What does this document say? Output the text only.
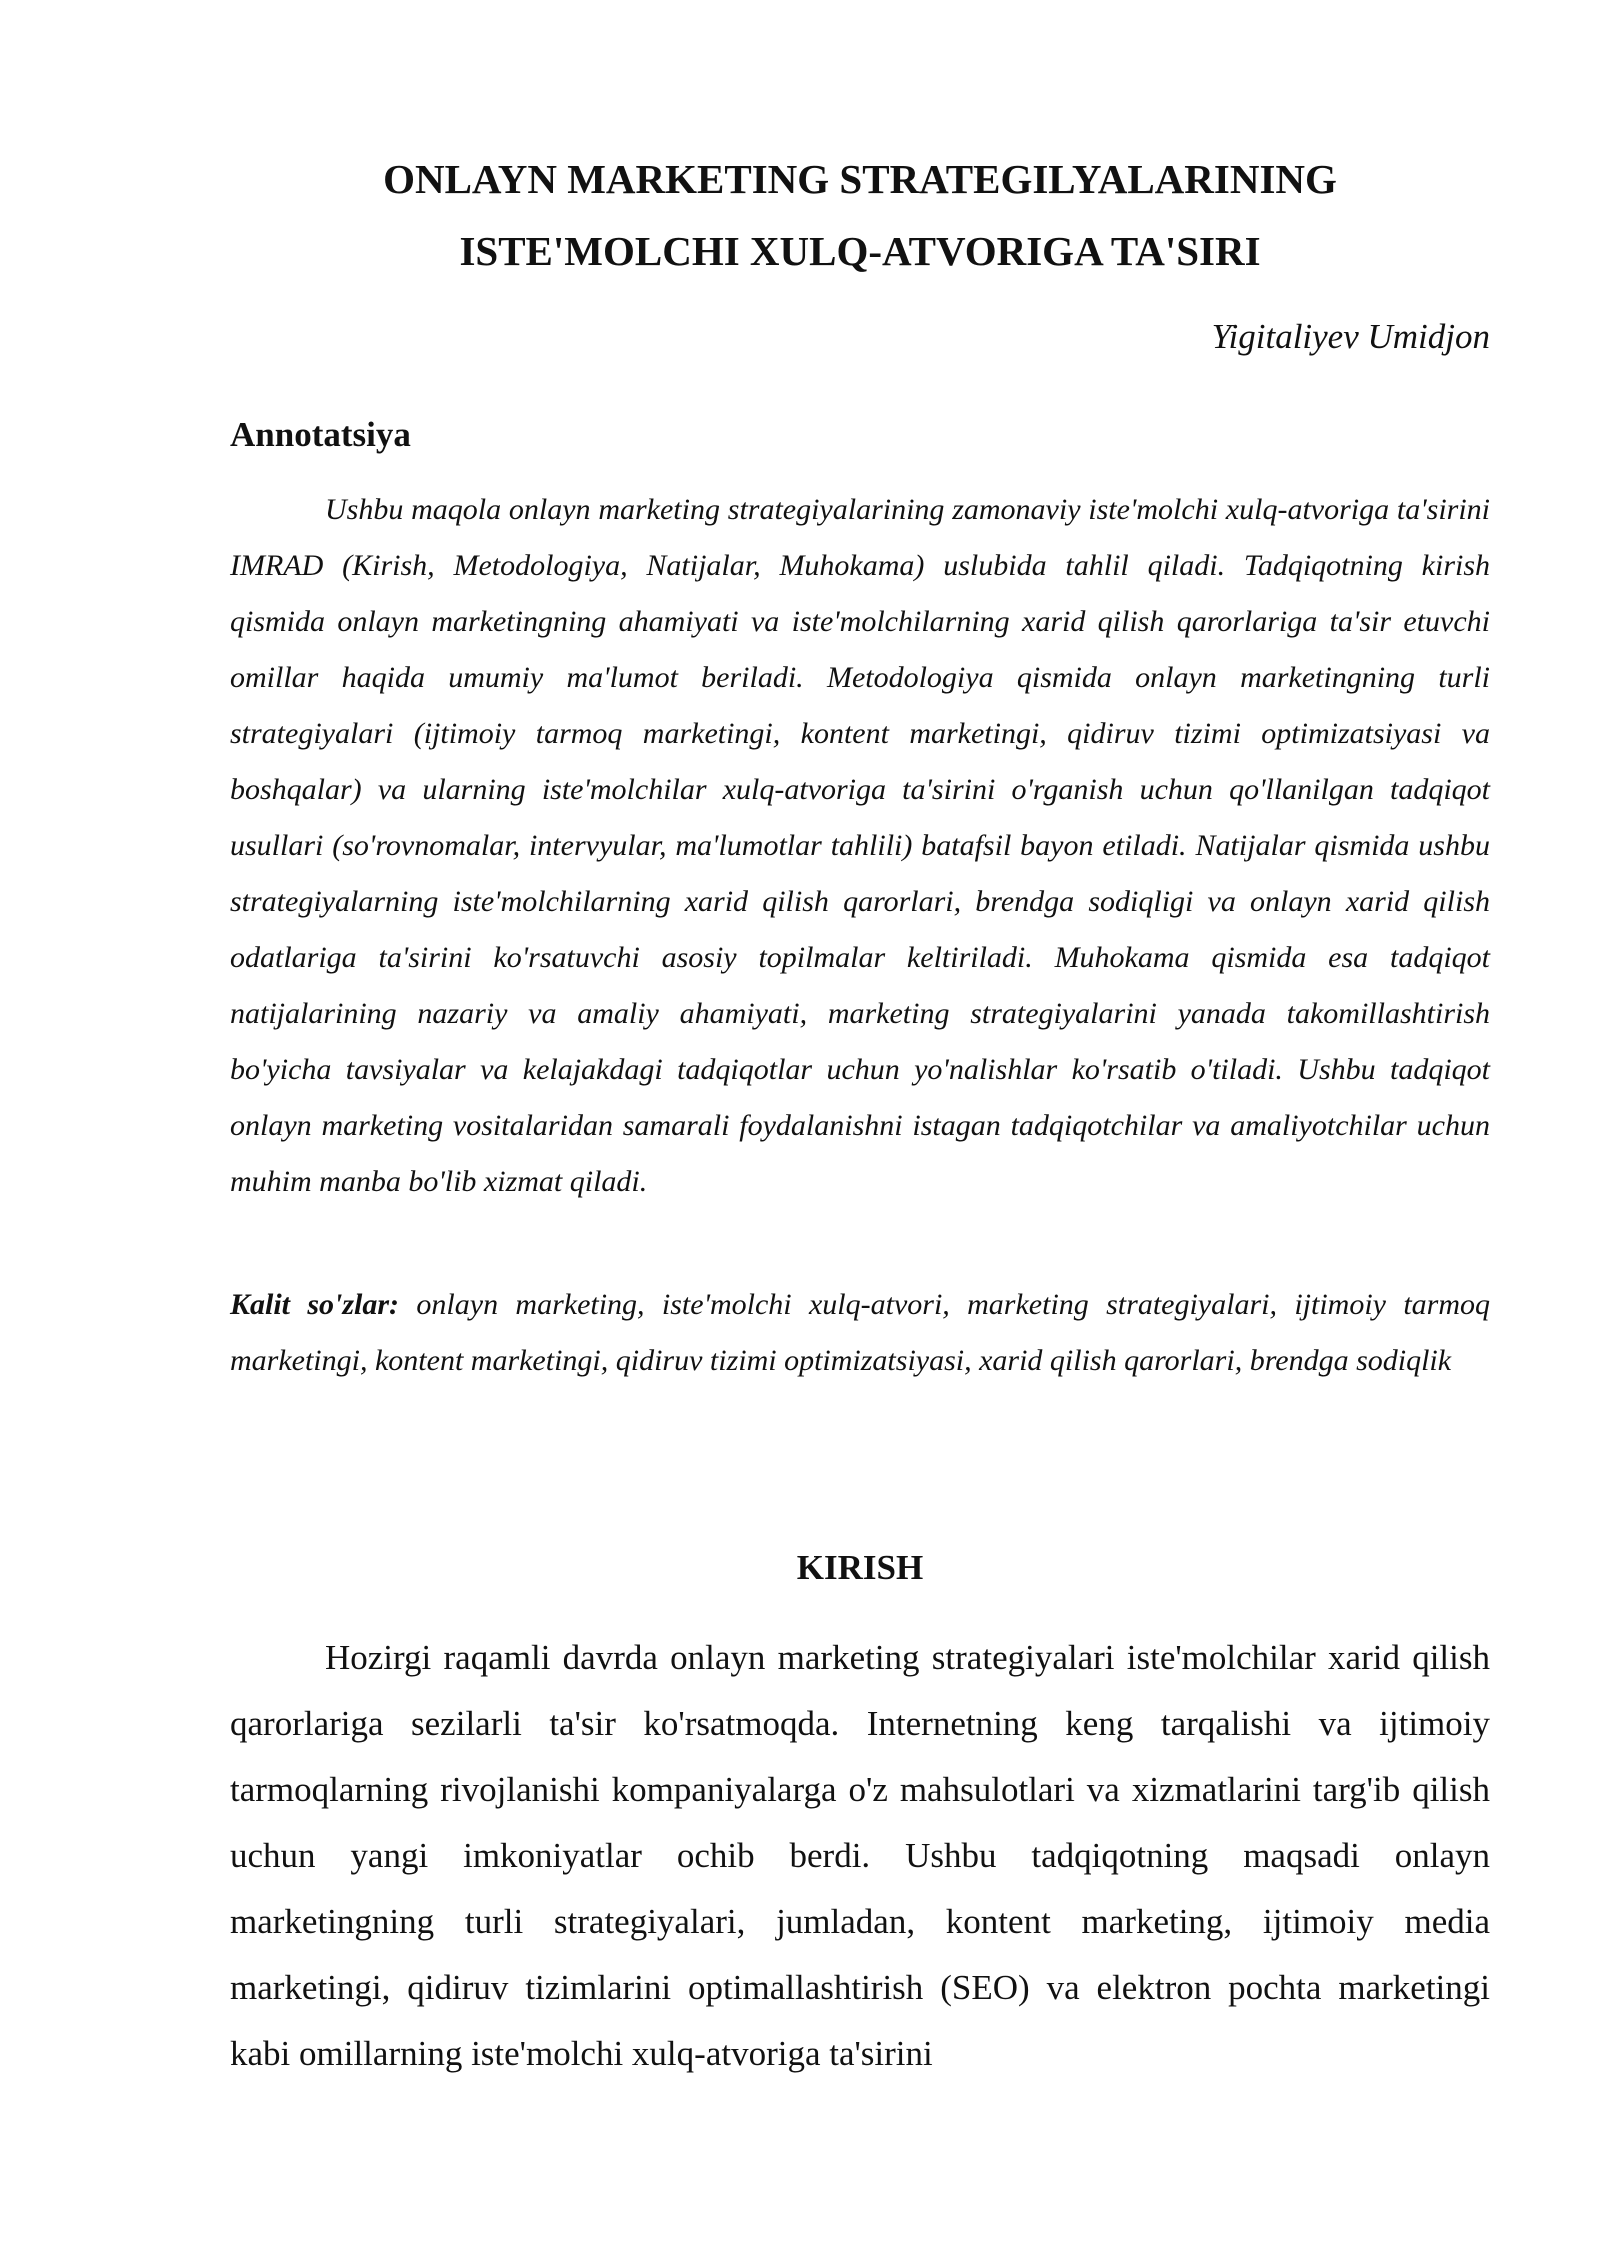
ONLAYN MARKETING STRATEGILYALARINING
ISTE'MOLCHI XULQ-ATVORIGA TA'SIRI

Yigitaliyev Umidjon

Annotatsiya

Ushbu maqola onlayn marketing strategiyalarining zamonaviy iste'molchi xulq-atvoriga ta'sirini IMRAD (Kirish, Metodologiya, Natijalar, Muhokama) uslubida tahlil qiladi. Tadqiqotning kirish qismida onlayn marketingning ahamiyati va iste'molchilarning xarid qilish qarorlariga ta'sir etuvchi omillar haqida umumiy ma'lumot beriladi. Metodologiya qismida onlayn marketingning turli strategiyalari (ijtimoiy tarmoq marketingi, kontent marketingi, qidiruv tizimi optimizatsiyasi va boshqalar) va ularning iste'molchilar xulq-atvoriga ta'sirini o'rganish uchun qo'llanilgan tadqiqot usullari (so'rovnomalar, intervyular, ma'lumotlar tahlili) batafsil bayon etiladi. Natijalar qismida ushbu strategiyalarning iste'molchilarning xarid qilish qarorlari, brendga sodiqligi va onlayn xarid qilish odatlariga ta'sirini ko'rsatuvchi asosiy topilmalar keltiriladi. Muhokama qismida esa tadqiqot natijalarining nazariy va amaliy ahamiyati, marketing strategiyalarini yanada takomillashtirish bo'yicha tavsiyalar va kelajakdagi tadqiqotlar uchun yo'nalishlar ko'rsatib o'tiladi. Ushbu tadqiqot onlayn marketing vositalaridan samarali foydalanishni istagan tadqiqotchilar va amaliyotchilar uchun muhim manba bo'lib xizmat qiladi.

Kalit so'zlar: onlayn marketing, iste'molchi xulq-atvori, marketing strategiyalari, ijtimoiy tarmoq marketingi, kontent marketingi, qidiruv tizimi optimizatsiyasi, xarid qilish qarorlari, brendga sodiqlik

KIRISH

Hozirgi raqamli davrda onlayn marketing strategiyalari iste'molchilar xarid qilish qarorlariga sezilarli ta'sir ko'rsatmoqda. Internetning keng tarqalishi va ijtimoiy tarmoqlarning rivojlanishi kompaniyalarga o'z mahsulotlari va xizmatlarini targ'ib qilish uchun yangi imkoniyatlar ochib berdi. Ushbu tadqiqotning maqsadi onlayn marketingning turli strategiyalari, jumladan, kontent marketing, ijtimoiy media marketingi, qidiruv tizimlarini optimallashtirish (SEO) va elektron pochta marketingi kabi omillarning iste'molchi xulq-atvoriga ta'sirini
